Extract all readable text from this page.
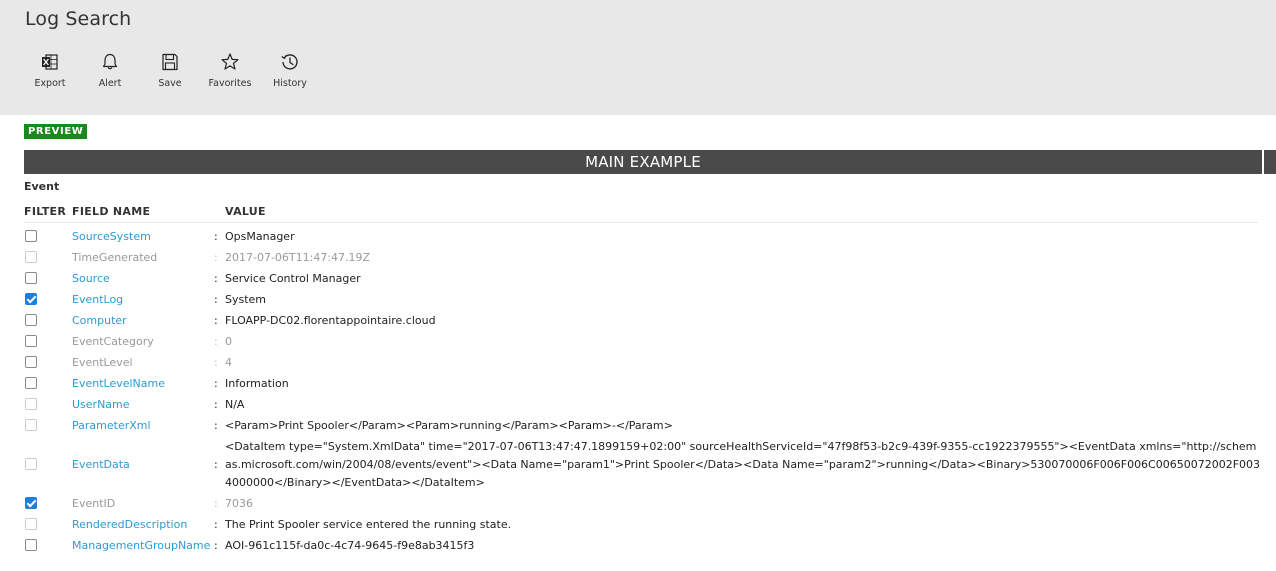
Log Search
Export	Alert	Save	Favorites History
PREVIEW
MAIN EXAMPLE
Event
FILTER FIELD NAME	VALUE
SourceSystem	: OpsManager
TimeGenerated	: 2017-07-06T11:47:47.19Z
Source	: Service Control Manager
EventLog	: System
Computer	: FLOAPP-DC02.florentappointaire.cloud
EventCategory	: 0
EventLevel	: 4
EventLevelName	: Information
UserName	: N/A
ParameterXml	: <Param>Print Spooler</Param><Param>running</Param><Param>-</Param>
EventData	:
<DataItem type="System.XmlData" time="2017-07-06T13:47:47.1899159+02:00" sourceHealthServiceId="47f98f53-b2c9-439f-9355-cc1922379555"><EventData xmlns="http://schemas.microsoft.com/win/2004/08/events/event"><Data Name="param1">Print Spooler</Data><Data Name="param2">running</Data><Binary>530070006F006F006C00650072002F0034000000</Binary></EventData></DataItem>
EventID	: 7036
RenderedDescription : The Print Spooler service entered the running state.
ManagementGroupName : AOI-961c115f-da0c-4c74-9645-f9e8ab3415f3
